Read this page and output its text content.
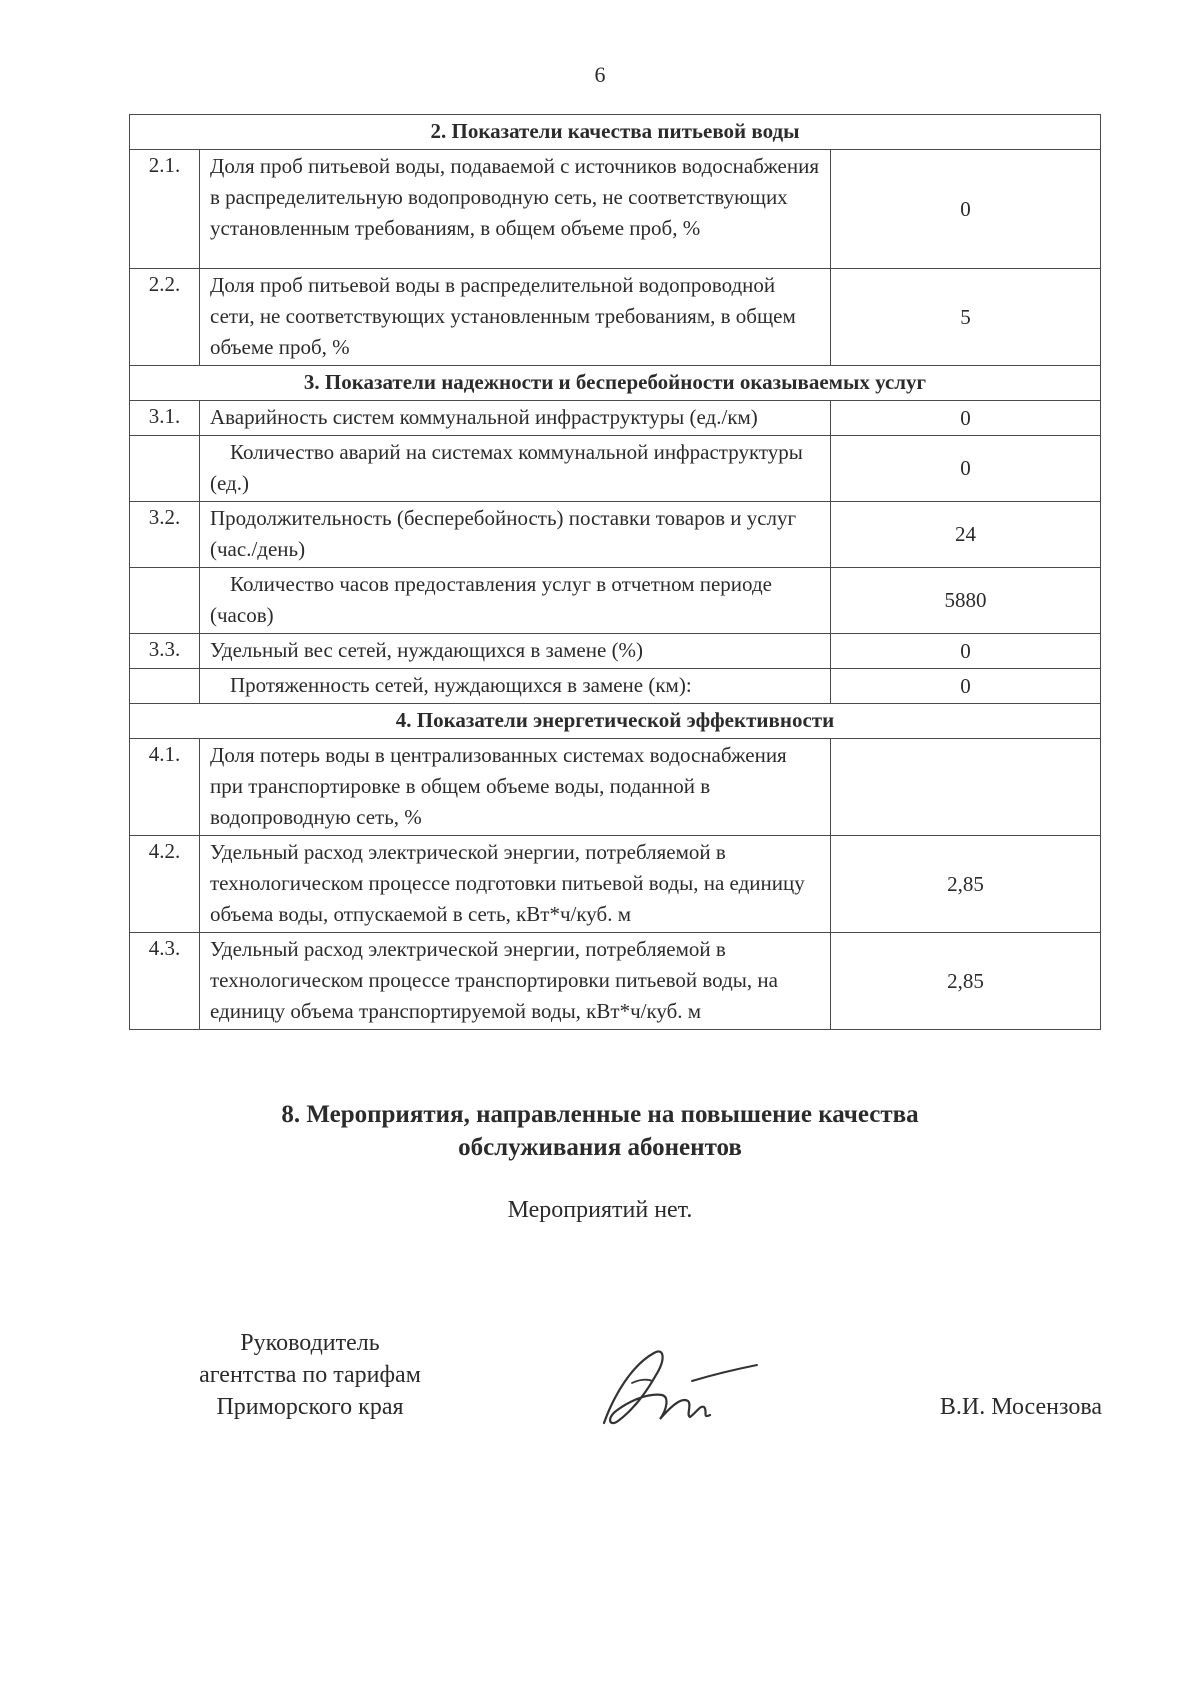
6
2. Показатели качества питьевой воды		
2.1.	Доля проб питьевой воды, подаваемой с источников водоснабжения в распределительную водопроводную сеть, не соответствующих установленным требованиям, в общем объеме проб, %	0
2.2.	Доля проб питьевой воды в распределительной водопроводной сети, не соответствующих установленным требованиям, в общем объеме проб, %	5
3. Показатели надежности и бесперебойности оказываемых услуг		
3.1.	Аварийность систем коммунальной инфраструктуры (ед./км)	0
	Количество аварий на системах коммунальной инфраструктуры (ед.)	0
3.2.	Продолжительность (бесперебойность) поставки товаров и услуг (час./день)	24
	Количество часов предоставления услуг в отчетном периоде (часов)	5880
3.3.	Удельный вес сетей, нуждающихся в замене (%)	0
	Протяженность сетей, нуждающихся в замене (км):	0
4. Показатели энергетической эффективности		
4.1.	Доля потерь воды в централизованных системах водоснабжения при транспортировке в общем объеме воды, поданной в водопроводную сеть, %	
4.2.	Удельный расход электрической энергии, потребляемой в технологическом процессе подготовки питьевой воды, на единицу объема воды, отпускаемой в сеть, кВт*ч/куб. м	2,85
4.3.	Удельный расход электрической энергии, потребляемой в технологическом процессе транспортировки питьевой воды, на единицу объема транспортируемой воды, кВт*ч/куб. м	2,85
8. Мероприятия, направленные на повышение качества
обслуживания абонентов
Мероприятий нет.
Руководитель
агентства по тарифам
Приморского края	В.И. Мосензова
